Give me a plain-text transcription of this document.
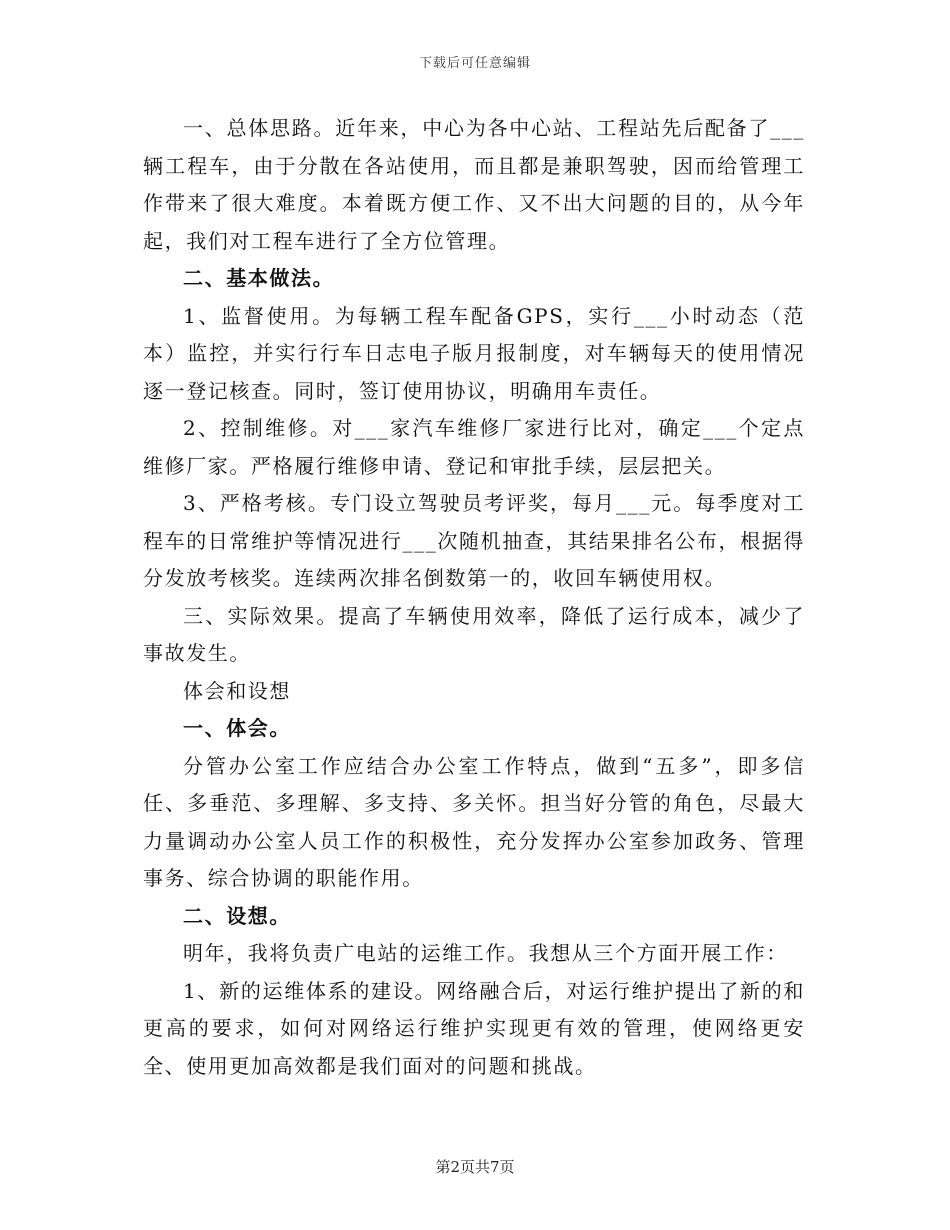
下载后可任意编辑

一、总体思路。近年来，中心为各中心站、工程站先后配备了___辆工程车，由于分散在各站使用，而且都是兼职驾驶，因而给管理工作带来了很大难度。本着既方便工作、又不出大问题的目的，从今年起，我们对工程车进行了全方位管理。

二、基本做法。

1、监督使用。为每辆工程车配备GPS，实行___小时动态（范本）监控，并实行行车日志电子版月报制度，对车辆每天的使用情况逐一登记核查。同时，签订使用协议，明确用车责任。

2、控制维修。对___家汽车维修厂家进行比对，确定___个定点维修厂家。严格履行维修申请、登记和审批手续，层层把关。

3、严格考核。专门设立驾驶员考评奖，每月___元。每季度对工程车的日常维护等情况进行___次随机抽查，其结果排名公布，根据得分发放考核奖。连续两次排名倒数第一的，收回车辆使用权。

三、实际效果。提高了车辆使用效率，降低了运行成本，减少了事故发生。

体会和设想

一、体会。

分管办公室工作应结合办公室工作特点，做到“五多”，即多信任、多垂范、多理解、多支持、多关怀。担当好分管的角色，尽最大力量调动办公室人员工作的积极性，充分发挥办公室参加政务、管理事务、综合协调的职能作用。

二、设想。

明年，我将负责广电站的运维工作。我想从三个方面开展工作：

1、新的运维体系的建设。网络融合后，对运行维护提出了新的和更高的要求，如何对网络运行维护实现更有效的管理，使网络更安全、使用更加高效都是我们面对的问题和挑战。

第2页共7页
